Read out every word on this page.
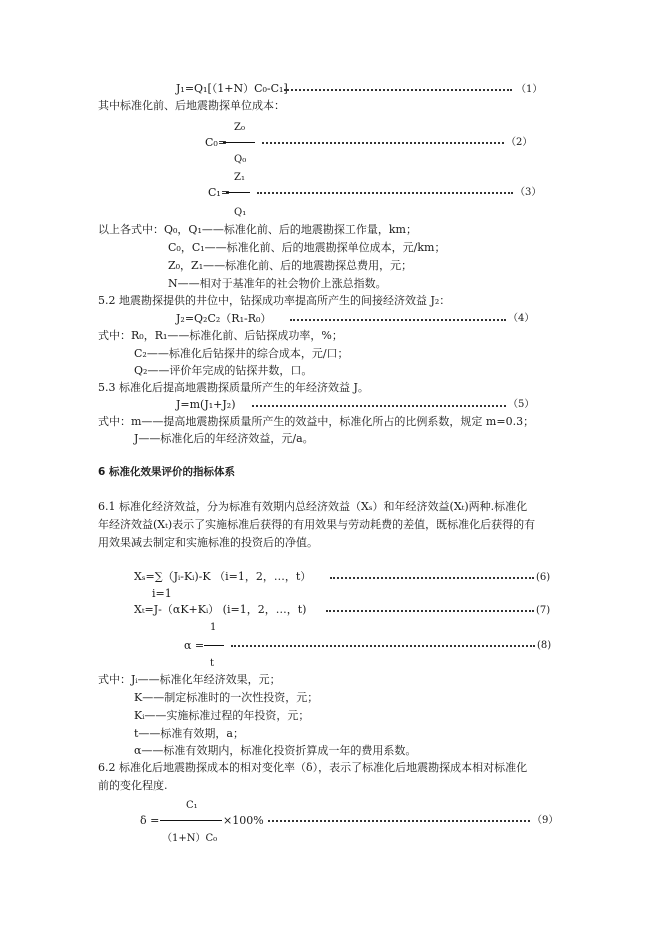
J₁=Q₁[（1+N）C₀-C₁]	（1）
其中标准化前、后地震勘探单位成本：
Z₀
C₀=	（2）
Q₀
Z₁
C₁=	（3）
Q₁
以上各式中：Q₀，Q₁——标准化前、后的地震勘探工作量，km；
C₀，C₁——标准化前、后的地震勘探单位成本，元/km；
Z₀，Z₁——标准化前、后的地震勘探总费用，元；
N——相对于基准年的社会物价上涨总指数。
5.2 地震勘探提供的井位中，钻探成功率提高所产生的间接经济效益 J₂：
J₂=Q₂C₂（R₁-R₀）	（4）
式中：R₀，R₁——标准化前、后钻探成功率，%；
C₂——标准化后钻探井的综合成本，元/口；
Q₂——评价年完成的钻探井数，口。
5.3 标准化后提高地震勘探质量所产生的年经济效益 J。
J=m(J₁+J₂)	（5）
式中：m——提高地震勘探质量所产生的效益中，标准化所占的比例系数，规定 m=0.3；
J——标准化后的年经济效益，元/a。
6 标准化效果评价的指标体系
6.1 标准化经济效益，分为标准有效期内总经济效益（Xₛ）和年经济效益(Xₜ)两种.标准化
年经济效益(Xₜ)表示了实施标准后获得的有用效果与劳动耗费的差值，既标准化后获得的有
用效果减去制定和实施标准的投资后的净值。
Xₛ=∑（Jᵢ-Kᵢ)-K （i=1，2，…，t）	(6)
i=1
Xₜ=J-（αK+Kᵢ） (i=1，2，…，t)	(7)
1
α =	(8)
t
式中：Jᵢ——标准化年经济效果，元；
K——制定标准时的一次性投资，元；
Kᵢ——实施标准过程的年投资，元；
t——标准有效期，a；
α——标准有效期内，标准化投资折算成一年的费用系数。
6.2 标准化后地震勘探成本的相对变化率（δ），表示了标准化后地震勘探成本相对标准化
前的变化程度.
C₁
δ =	×100%	（9）
（1+N）C₀
